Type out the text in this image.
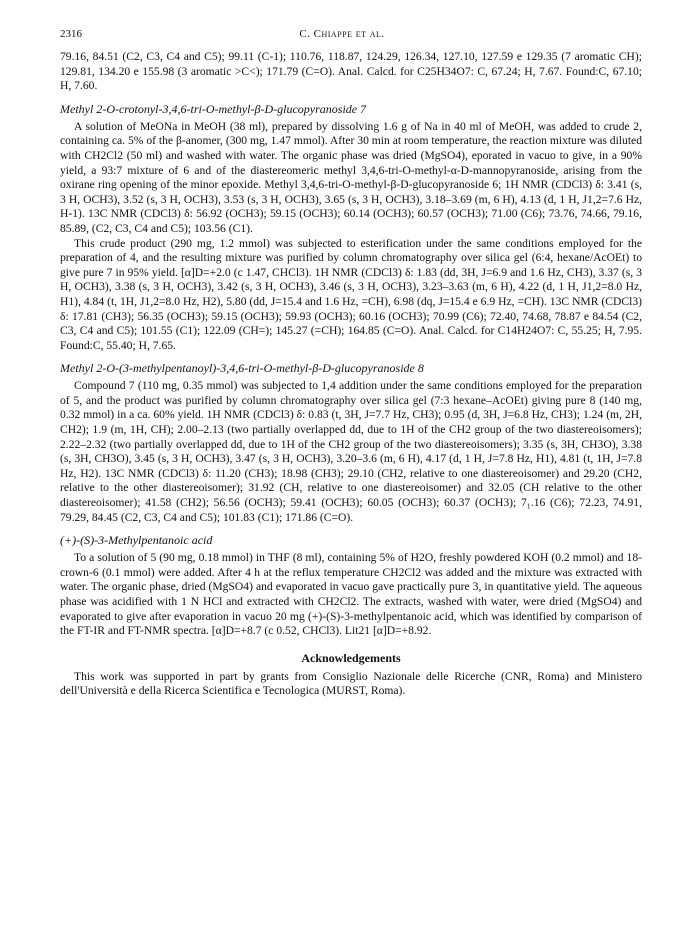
2316	C. Chiappe et al.

79.16, 84.51 (C2, C3, C4 and C5); 99.11 (C-1); 110.76, 118.87, 124.29, 126.34, 127.10, 127.59 e 129.35 (7 aromatic CH); 129.81, 134.20 e 155.98 (3 aromatic >C<); 171.79 (C=O). Anal. Calcd. for C25H34O7: C, 67.24; H, 7.67. Found:C, 67.10; H, 7.60.

Methyl 2-O-crotonyl-3,4,6-tri-O-methyl-β-D-glucopyranoside 7

A solution of MeONa in MeOH (38 ml), prepared by dissolving 1.6 g of Na in 40 ml of MeOH, was added to crude 2, containing ca. 5% of the β-anomer, (300 mg, 1.47 mmol). After 30 min at room temperature, the reaction mixture was diluted with CH2Cl2 (50 ml) and washed with water. The organic phase was dried (MgSO4), eporated in vacuo to give, in a 90% yield, a 93:7 mixture of 6 and of the diastereomeric methyl 3,4,6-tri-O-methyl-α-D-mannopyranoside, arising from the oxirane ring opening of the minor epoxide. Methyl 3,4,6-tri-O-methyl-β-D-glucopyranoside 6; 1H NMR (CDCl3) δ: 3.41 (s, 3 H, OCH3), 3.52 (s, 3 H, OCH3), 3.53 (s, 3 H, OCH3), 3.65 (s, 3 H, OCH3), 3.18–3.69 (m, 6 H), 4.13 (d, 1 H, J1,2=7.6 Hz, H-1). 13C NMR (CDCl3) δ: 56.92 (OCH3); 59.15 (OCH3); 60.14 (OCH3); 60.57 (OCH3); 71.00 (C6); 73.76, 74.66, 79.16, 85.89, (C2, C3, C4 and C5); 103.56 (C1).

This crude product (290 mg, 1.2 mmol) was subjected to esterification under the same conditions employed for the preparation of 4, and the resulting mixture was purified by column chromatography over silica gel (6:4, hexane/AcOEt) to give pure 7 in 95% yield. [α]D=+2.0 (c 1.47, CHCl3). 1H NMR (CDCl3) δ: 1.83 (dd, 3H, J=6.9 and 1.6 Hz, CH3), 3.37 (s, 3 H, OCH3), 3.38 (s, 3 H, OCH3), 3.42 (s, 3 H, OCH3), 3.46 (s, 3 H, OCH3), 3.23–3.63 (m, 6 H), 4.22 (d, 1 H, J1,2=8.0 Hz, H1), 4.84 (t, 1H, J1,2=8.0 Hz, H2), 5.80 (dd, J=15.4 and 1.6 Hz, =CH), 6.98 (dq, J=15.4 e 6.9 Hz, =CH). 13C NMR (CDCl3) δ: 17.81 (CH3); 56.35 (OCH3); 59.15 (OCH3); 59.93 (OCH3); 60.16 (OCH3); 70.99 (C6); 72.40, 74.68, 78.87 e 84.54 (C2, C3, C4 and C5); 101.55 (C1); 122.09 (CH=); 145.27 (=CH); 164.85 (C=O). Anal. Calcd. for C14H24O7: C, 55.25; H, 7.95. Found:C, 55.40; H, 7.65.

Methyl 2-O-(3-methylpentanoyl)-3,4,6-tri-O-methyl-β-D-glucopyranoside 8

Compound 7 (110 mg, 0.35 mmol) was subjected to 1,4 addition under the same conditions employed for the preparation of 5, and the product was purified by column chromatography over silica gel (7:3 hexane–AcOEt) giving pure 8 (140 mg, 0.32 mmol) in a ca. 60% yield. 1H NMR (CDCl3) δ: 0.83 (t, 3H, J=7.7 Hz, CH3); 0.95 (d, 3H, J=6.8 Hz, CH3); 1.24 (m, 2H, CH2); 1.9 (m, 1H, CH); 2.00–2.13 (two partially overlapped dd, due to 1H of the CH2 group of the two diastereoisomers); 2.22–2.32 (two partially overlapped dd, due to 1H of the CH2 group of the two diastereoisomers); 3.35 (s, 3H, CH3O), 3.38 (s, 3H, CH3O), 3.45 (s, 3 H, OCH3), 3.47 (s, 3 H, OCH3), 3.20–3.6 (m, 6 H), 4.17 (d, 1 H, J=7.8 Hz, H1), 4.81 (t, 1H, J=7.8 Hz, H2). 13C NMR (CDCl3) δ: 11.20 (CH3); 18.98 (CH3); 29.10 (CH2, relative to one diastereoisomer) and 29.20 (CH2, relative to the other diastereoisomer); 31.92 (CH, relative to one diastereoisomer) and 32.05 (CH relative to the other diastereoisomer); 41.58 (CH2); 56.56 (OCH3); 59.41 (OCH3); 60.05 (OCH3); 60.37 (OCH3); 7₁.16 (C6); 72.23, 74.91, 79.29, 84.45 (C2, C3, C4 and C5); 101.83 (C1); 171.86 (C=O).

(+)-(S)-3-Methylpentanoic acid

To a solution of 5 (90 mg, 0.18 mmol) in THF (8 ml), containing 5% of H2O, freshly powdered KOH (0.2 mmol) and 18-crown-6 (0.1 mmol) were added. After 4 h at the reflux temperature CH2Cl2 was added and the mixture was extracted with water. The organic phase, dried (MgSO4) and evaporated in vacuo gave practically pure 3, in quantitative yield. The aqueous phase was acidified with 1 N HCl and extracted with CH2Cl2. The extracts, washed with water, were dried (MgSO4) and evaporated to give after evaporation in vacuo 20 mg (+)-(S)-3-methylpentanoic acid, which was identified by comparison of the FT-IR and FT-NMR spectra. [α]D=+8.7 (c 0.52, CHCl3). Lit21 [α]D=+8.92.

Acknowledgements

This work was supported in part by grants from Consiglio Nazionale delle Ricerche (CNR, Roma) and Ministero dell'Università e della Ricerca Scientifica e Tecnologica (MURST, Roma).
